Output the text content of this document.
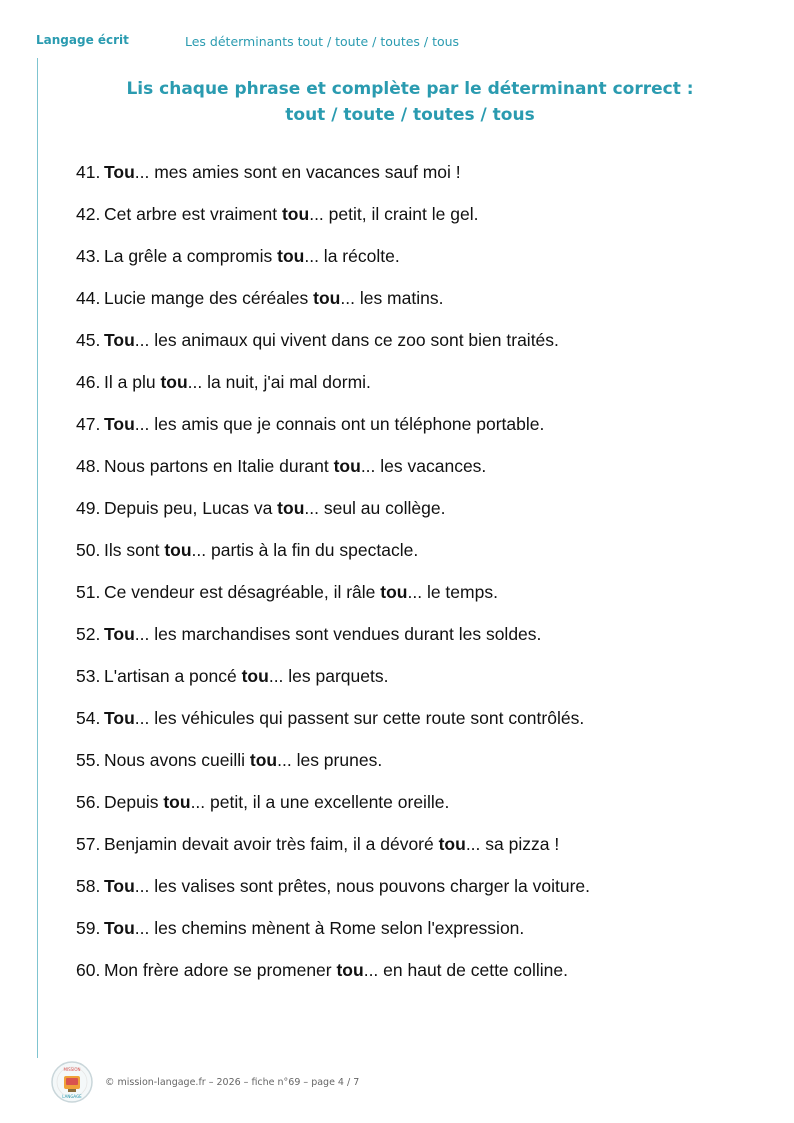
Langage écrit	Les déterminants tout / toute / toutes / tous
Lis chaque phrase et complète par le déterminant correct :
tout / toute / toutes / tous
41. Tou... mes amies sont en vacances sauf moi !
42. Cet arbre est vraiment tou... petit, il craint le gel.
43. La grêle a compromis tou... la récolte.
44. Lucie mange des céréales tou... les matins.
45. Tou... les animaux qui vivent dans ce zoo sont bien traités.
46. Il a plu tou... la nuit, j'ai mal dormi.
47. Tou... les amis que je connais ont un téléphone portable.
48. Nous partons en Italie durant tou... les vacances.
49. Depuis peu, Lucas va tou... seul au collège.
50. Ils sont tou... partis à la fin du spectacle.
51. Ce vendeur est désagréable, il râle tou... le temps.
52. Tou... les marchandises sont vendues durant les soldes.
53. L'artisan a poncé tou... les parquets.
54. Tou... les véhicules qui passent sur cette route sont contrôlés.
55. Nous avons cueilli tou... les prunes.
56. Depuis tou... petit, il a une excellente oreille.
57. Benjamin devait avoir très faim, il a dévoré tou... sa pizza !
58. Tou... les valises sont prêtes, nous pouvons charger la voiture.
59. Tou... les chemins mènent à Rome selon l'expression.
60. Mon frère adore se promener tou... en haut de cette colline.
MISSION
LANGAGE
© mission-langage.fr – 2026 – fiche n°69 – page 4 / 7
